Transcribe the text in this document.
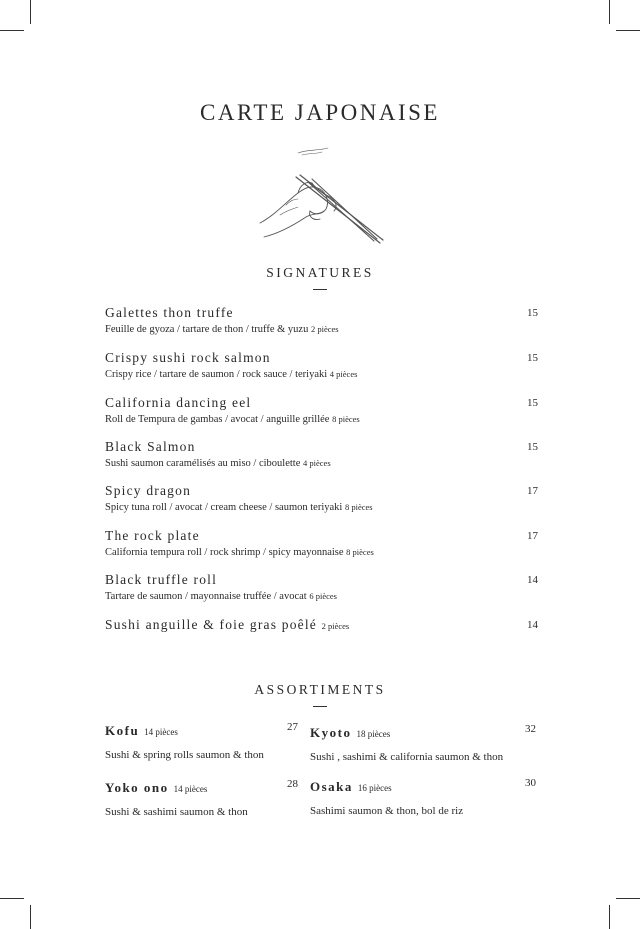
CARTE JAPONAISE
SIGNATURES
Galettes thon truffe
Feuille de gyoza / tartare de thon / truffe & yuzu 2 pièces
15
Crispy sushi rock salmon
Crispy rice / tartare de saumon / rock sauce / teriyaki 4 pièces
15
California dancing eel
Roll de Tempura de gambas / avocat / anguille grillée 8 pièces
15
Black Salmon
Sushi saumon caramélisés au miso / ciboulette 4 pièces
15
Spicy dragon
Spicy tuna roll / avocat / cream cheese / saumon teriyaki 8 pièces
17
The rock plate
California tempura roll / rock shrimp / spicy mayonnaise 8 pièces
17
Black truffle roll
Tartare de saumon / mayonnaise truffée / avocat 6 pièces
14
Sushi anguille & foie gras poêlé 2 pièces	14
ASSORTIMENTS
Kofu 14 pièces	27
Sushi & spring rolls saumon & thon
Kyoto 18 pièces	32
Sushi , sashimi & california saumon & thon
Yoko ono 14 pièces	28
Sushi & sashimi saumon & thon
Osaka 16 pièces	30
Sashimi saumon & thon, bol de riz
